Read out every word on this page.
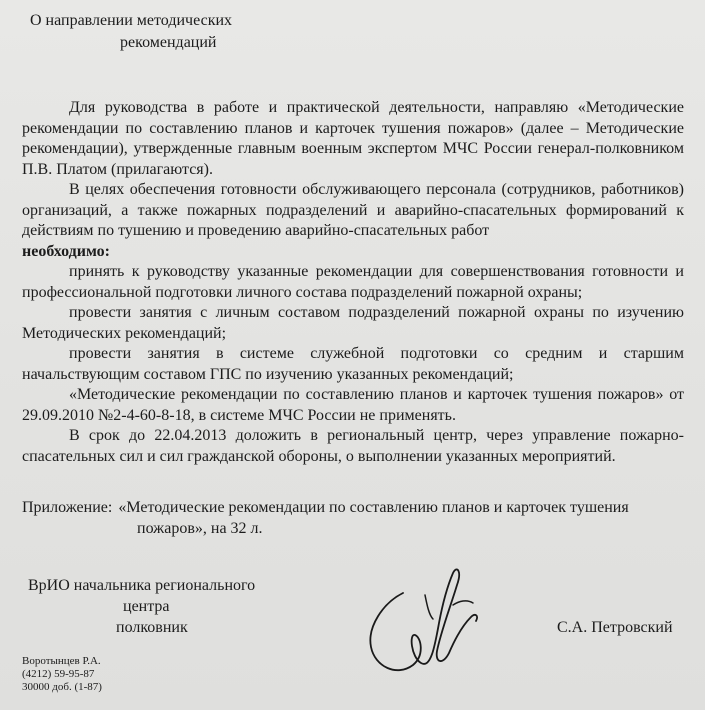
О направлении методических
рекомендаций

Для руководства в работе и практической деятельности, направляю «Методические рекомендации по составлению планов и карточек тушения пожаров» (далее – Методические рекомендации), утвержденные главным военным экспертом МЧС России генерал-полковником П.В. Платом (прилагаются).

В целях обеспечения готовности обслуживающего персонала (сотрудников, работников) организаций, а также пожарных подразделений и аварийно-спасательных формирований к действиям по тушению и проведению аварийно-спасательных работ

необходимо:

принять к руководству указанные рекомендации для совершенствования готовности и профессиональной подготовки личного состава подразделений пожарной охраны;

провести занятия с личным составом подразделений пожарной охраны по изучению Методических рекомендаций;

провести занятия в системе служебной подготовки со средним и старшим начальствующим составом ГПС по изучению указанных рекомендаций;

«Методические рекомендации по составлению планов и карточек тушения пожаров» от 29.09.2010 №2-4-60-8-18, в системе МЧС России не применять.

В срок до 22.04.2013 доложить в региональный центр, через управление пожарно-спасательных сил и сил гражданской обороны, о выполнении указанных мероприятий.

Приложение: «Методические рекомендации по составлению планов и карточек тушения
пожаров», на 32 л.
ВрИО начальника регионального
центра
полковник	С.А. Петровский
Воротынцев Р.А.
(4212) 59-95-87
30000 доб. (1-87)
